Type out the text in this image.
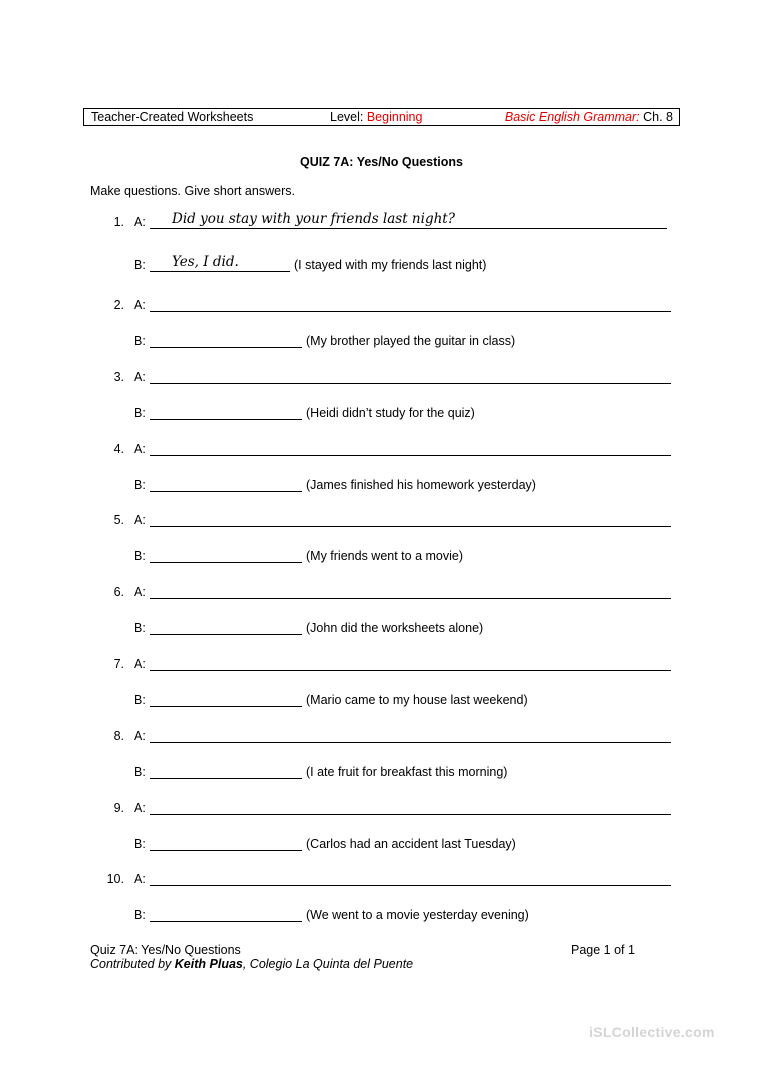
Teacher-Created Worksheets	Level: Beginning	Basic English Grammar: Ch. 8
QUIZ 7A: Yes/No Questions
Make questions. Give short answers.
1. A: Did you stay with your friends last night?
B: Yes, I did.	(I stayed with my friends last night)
2. A:
B:	(My brother played the guitar in class)
3. A:
B:	(Heidi didn’t study for the quiz)
4. A:
B:	(James finished his homework yesterday)
5. A:
B:	(My friends went to a movie)
6. A:
B:	(John did the worksheets alone)
7. A:
B:	(Mario came to my house last weekend)
8. A:
B:	(I ate fruit for breakfast this morning)
9. A:
B:	(Carlos had an accident last Tuesday)
10. A:
B:	(We went to a movie yesterday evening)
Quiz 7A: Yes/No Questions
Contributed by Keith Pluas, Colegio La Quinta del Puente
Page 1 of 1
iSLCollective.com
